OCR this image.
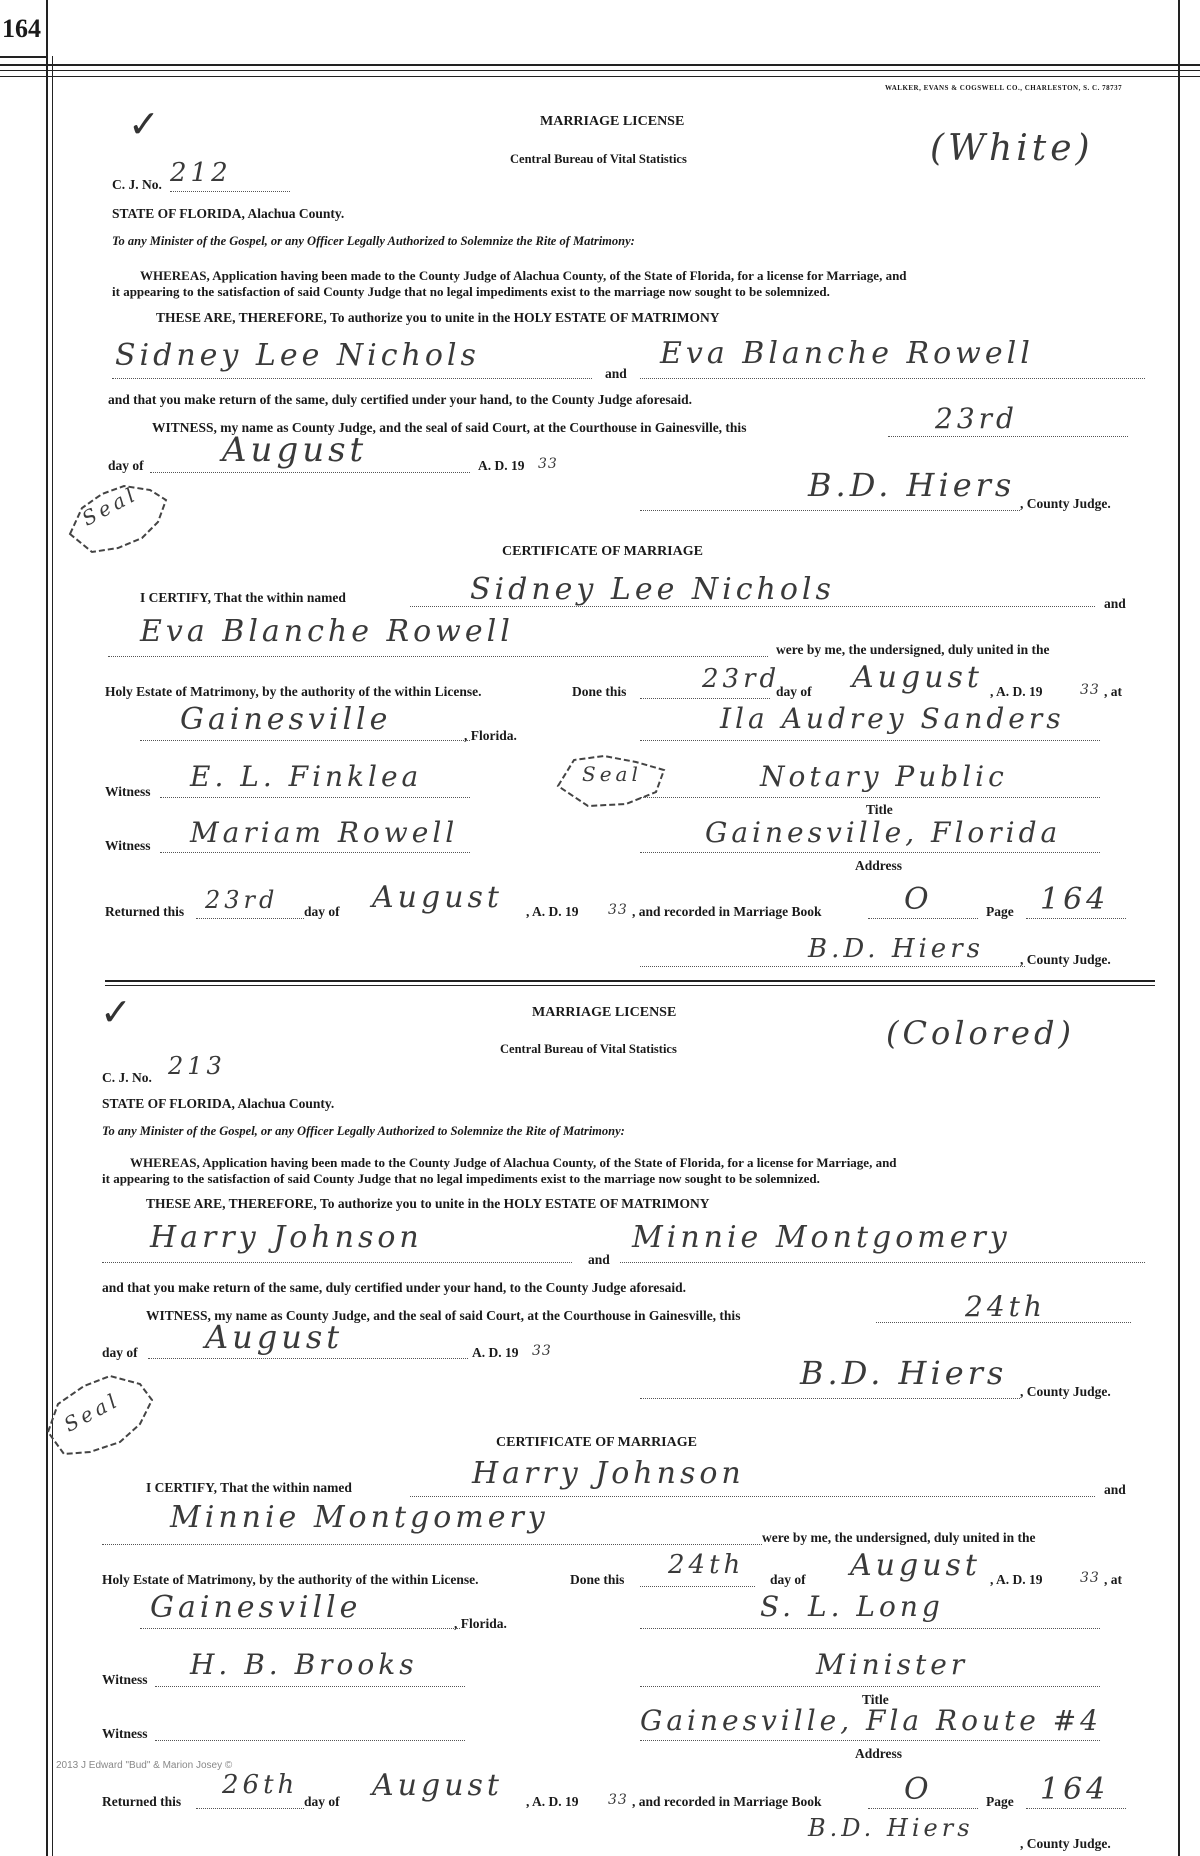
164
WALKER, EVANS & COGSWELL CO., CHARLESTON, S. C. 78737
✓	MARRIAGE LICENSE
Central Bureau of Vital Statistics	(White)
C. J. No. 212
STATE OF FLORIDA, Alachua County.
To any Minister of the Gospel, or any Officer Legally Authorized to Solemnize the Rite of Matrimony:
WHEREAS, Application having been made to the County Judge of Alachua County, of the State of Florida, for a license for Marriage, and
it appearing to the satisfaction of said County Judge that no legal impediments exist to the marriage now sought to be solemnized.
THESE ARE, THEREFORE, To authorize you to unite in the HOLY ESTATE OF MATRIMONY
Sidney Lee Nichols
and
Eva Blanche Rowell
and that you make return of the same, duly certified under your hand, to the County Judge aforesaid.
WITNESS, my name as County Judge, and the seal of said Court, at the Courthouse in Gainesville, this	23rd
day of August	A. D. 19 33
Seal	B.D. Hiers , County Judge.
CERTIFICATE OF MARRIAGE
I CERTIFY, That the within named	Sidney Lee Nichols	and
Eva Blanche Rowell
were by me, the undersigned, duly united in the
Holy Estate of Matrimony, by the authority of the within License.	Done this	23rd
day of August , A. D. 19	33 , at
Gainesville	, Florida.
Ila Audrey Sanders
Witness E. L. Finklea	Seal	Notary Public
Title
Witness Mariam Rowell	Gainesville, Florida
Address
Returned this 23rd day of August , A. D. 19 33 , and recorded in Marriage Book	O	Page 164
B.D. Hiers	, County Judge.
✓	MARRIAGE LICENSE
Central Bureau of Vital Statistics	(Colored)
C. J. No. 213
STATE OF FLORIDA, Alachua County.
To any Minister of the Gospel, or any Officer Legally Authorized to Solemnize the Rite of Matrimony:
WHEREAS, Application having been made to the County Judge of Alachua County, of the State of Florida, for a license for Marriage, and
it appearing to the satisfaction of said County Judge that no legal impediments exist to the marriage now sought to be solemnized.
THESE ARE, THEREFORE, To authorize you to unite in the HOLY ESTATE OF MATRIMONY
Harry Johnson
and
Minnie Montgomery
and that you make return of the same, duly certified under your hand, to the County Judge aforesaid.
WITNESS, my name as County Judge, and the seal of said Court, at the Courthouse in Gainesville, this	24th
day of August	A. D. 19 33
Seal
B.D. Hiers , County Judge.
CERTIFICATE OF MARRIAGE
I CERTIFY, That the within named	Harry Johnson	and
Minnie Montgomery
were by me, the undersigned, duly united in the
Holy Estate of Matrimony, by the authority of the within License.	Done this 24th day of August , A. D. 19	33 , at
Gainesville	, Florida.
S. L. Long
Witness H. B. Brooks	Minister
Title
Witness	Gainesville, Fla Route #4
Address
2013 J Edward "Bud" & Marion Josey ©
Returned this
26th
day of August , A. D. 19 33 , and recorded in Marriage Book	O	Page 164
B.D. Hiers
, County Judge.
